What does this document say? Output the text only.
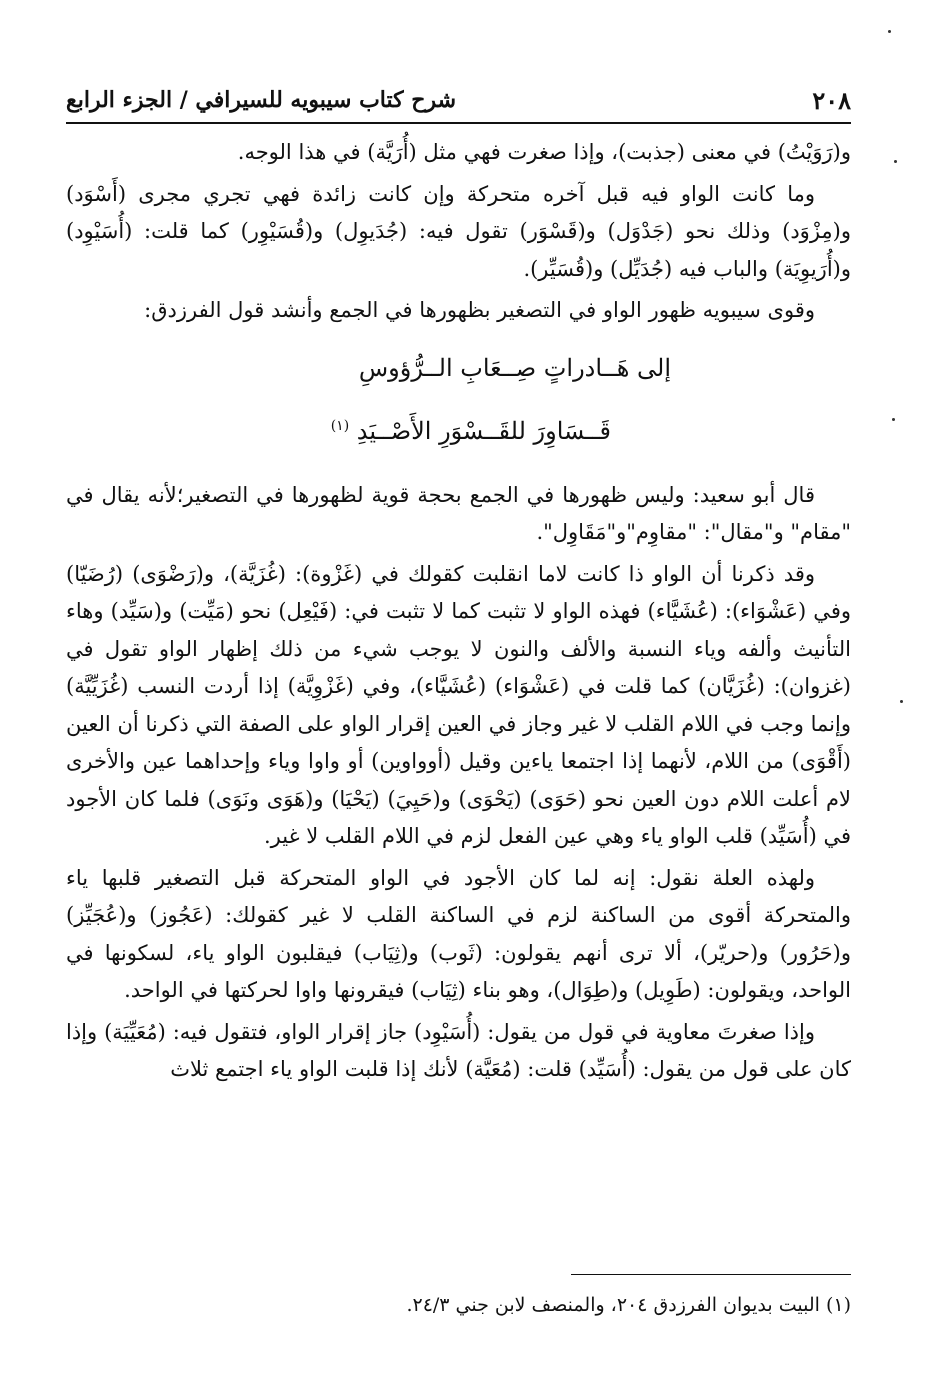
٢٠٨
شرح كتاب سيبويه للسيرافي / الجزء الرابع

و(رَوَيْتُ) في معنى (جذبت)، وإذا صغرت فهي مثل (أُرَيَّة) في هذا الوجه.

وما كانت الواو فيه قبل آخره متحركة وإن كانت زائدة فهي تجري مجرى (أَسْوَد) و(مِزْوَد) وذلك نحو (جَدْوَل) و(قَسْوَر) تقول فيه: (جُدَيوِل) و(قُسَيْوِر) كما قلت: (أُسَيْوِد) و(أُرَيوِيَة) والباب فيه (جُدَيِّل) و(قُسَيِّر).

وقوى سيبويه ظهور الواو في التصغير بظهورها في الجمع وأنشد قول الفرزدق:

إلى هَــادراتٍ صِــعَابِ الــرُّؤوسِ
قَــسَاوِرَ للقَــسْوَرِ الأَصْــيَدِ $^{(١)}$

قال أبو سعيد: وليس ظهورها في الجمع بحجة قوية لظهورها في التصغير؛لأنه يقال في "مقام" و"مقال": "مقاوِم"و"مَقَاوِل".

وقد ذكرنا أن الواو ذا كانت لاما انقلبت كقولك في (غَزْوة): (غُزَيَّة)، و(رَضْوَى) (رُضَيّا) وفي (عَشْوَاء): (عُشَيَّاء) فهذه الواو لا تثبت كما لا تثبت في: (فَيْعِل) نحو (مَيِّت) و(سَيِّد) وهاء التأنيث وألفه وياء النسبة والألف والنون لا يوجب شيء من ذلك إظهار الواو تقول في (غزوان): (غُزَيَّان) كما قلت في (عَشْوَاء) (عُشَيَّاء)، وفي (غَزْوِيَّة) إذا أردت النسب (غُزَيِّيَّة) وإنما وجب في اللام القلب لا غير وجاز في العين إقرار الواو على الصفة التي ذكرنا أن العين (أَقْوَى) من اللام، لأنهما إذا اجتمعا ياءين وقيل (أوواوين) أو واوا وياء وإحداهما عين والأخرى لام أعلت اللام دون العين نحو (حَوَى) (يَحْوَى) و(حَيِيَ) (يَحْيَا) و(هَوَى ونَوَى) فلما كان الأجود في (أُسَيِّد) قلب الواو ياء وهي عين الفعل لزم في اللام القلب لا غير.

ولهذه العلة نقول: إنه لما كان الأجود في الواو المتحركة قبل التصغير قلبها ياء والمتحركة أقوى من الساكنة لزم في الساكنة القلب لا غير كقولك: (عَجُوز) و(عُجَيِّز) و(حَرُور) و(حريّر)، ألا ترى أنهم يقولون: (ثَوب) و(ثِيَاب) فيقلبون الواو ياء، لسكونها في الواحد، ويقولون: (طَوِيل) و(طِوَال)، وهو بناء (ثِيَاب) فيقرونها واوا لحركتها في الواحد.

وإذا صغرتَ معاوية في قول من يقول: (أُسَيْوِد) جاز إقرار الواو، فتقول فيه: (مُعَيِّيَة) وإذا كان على قول من يقول: (أُسَيِّد) قلت: (مُعَيَّة) لأنك إذا قلبت الواو ياء اجتمع ثلاث

(١) البيت بديوان الفرزدق ٢٠٤، والمنصف لابن جني ٢٤/٣.
